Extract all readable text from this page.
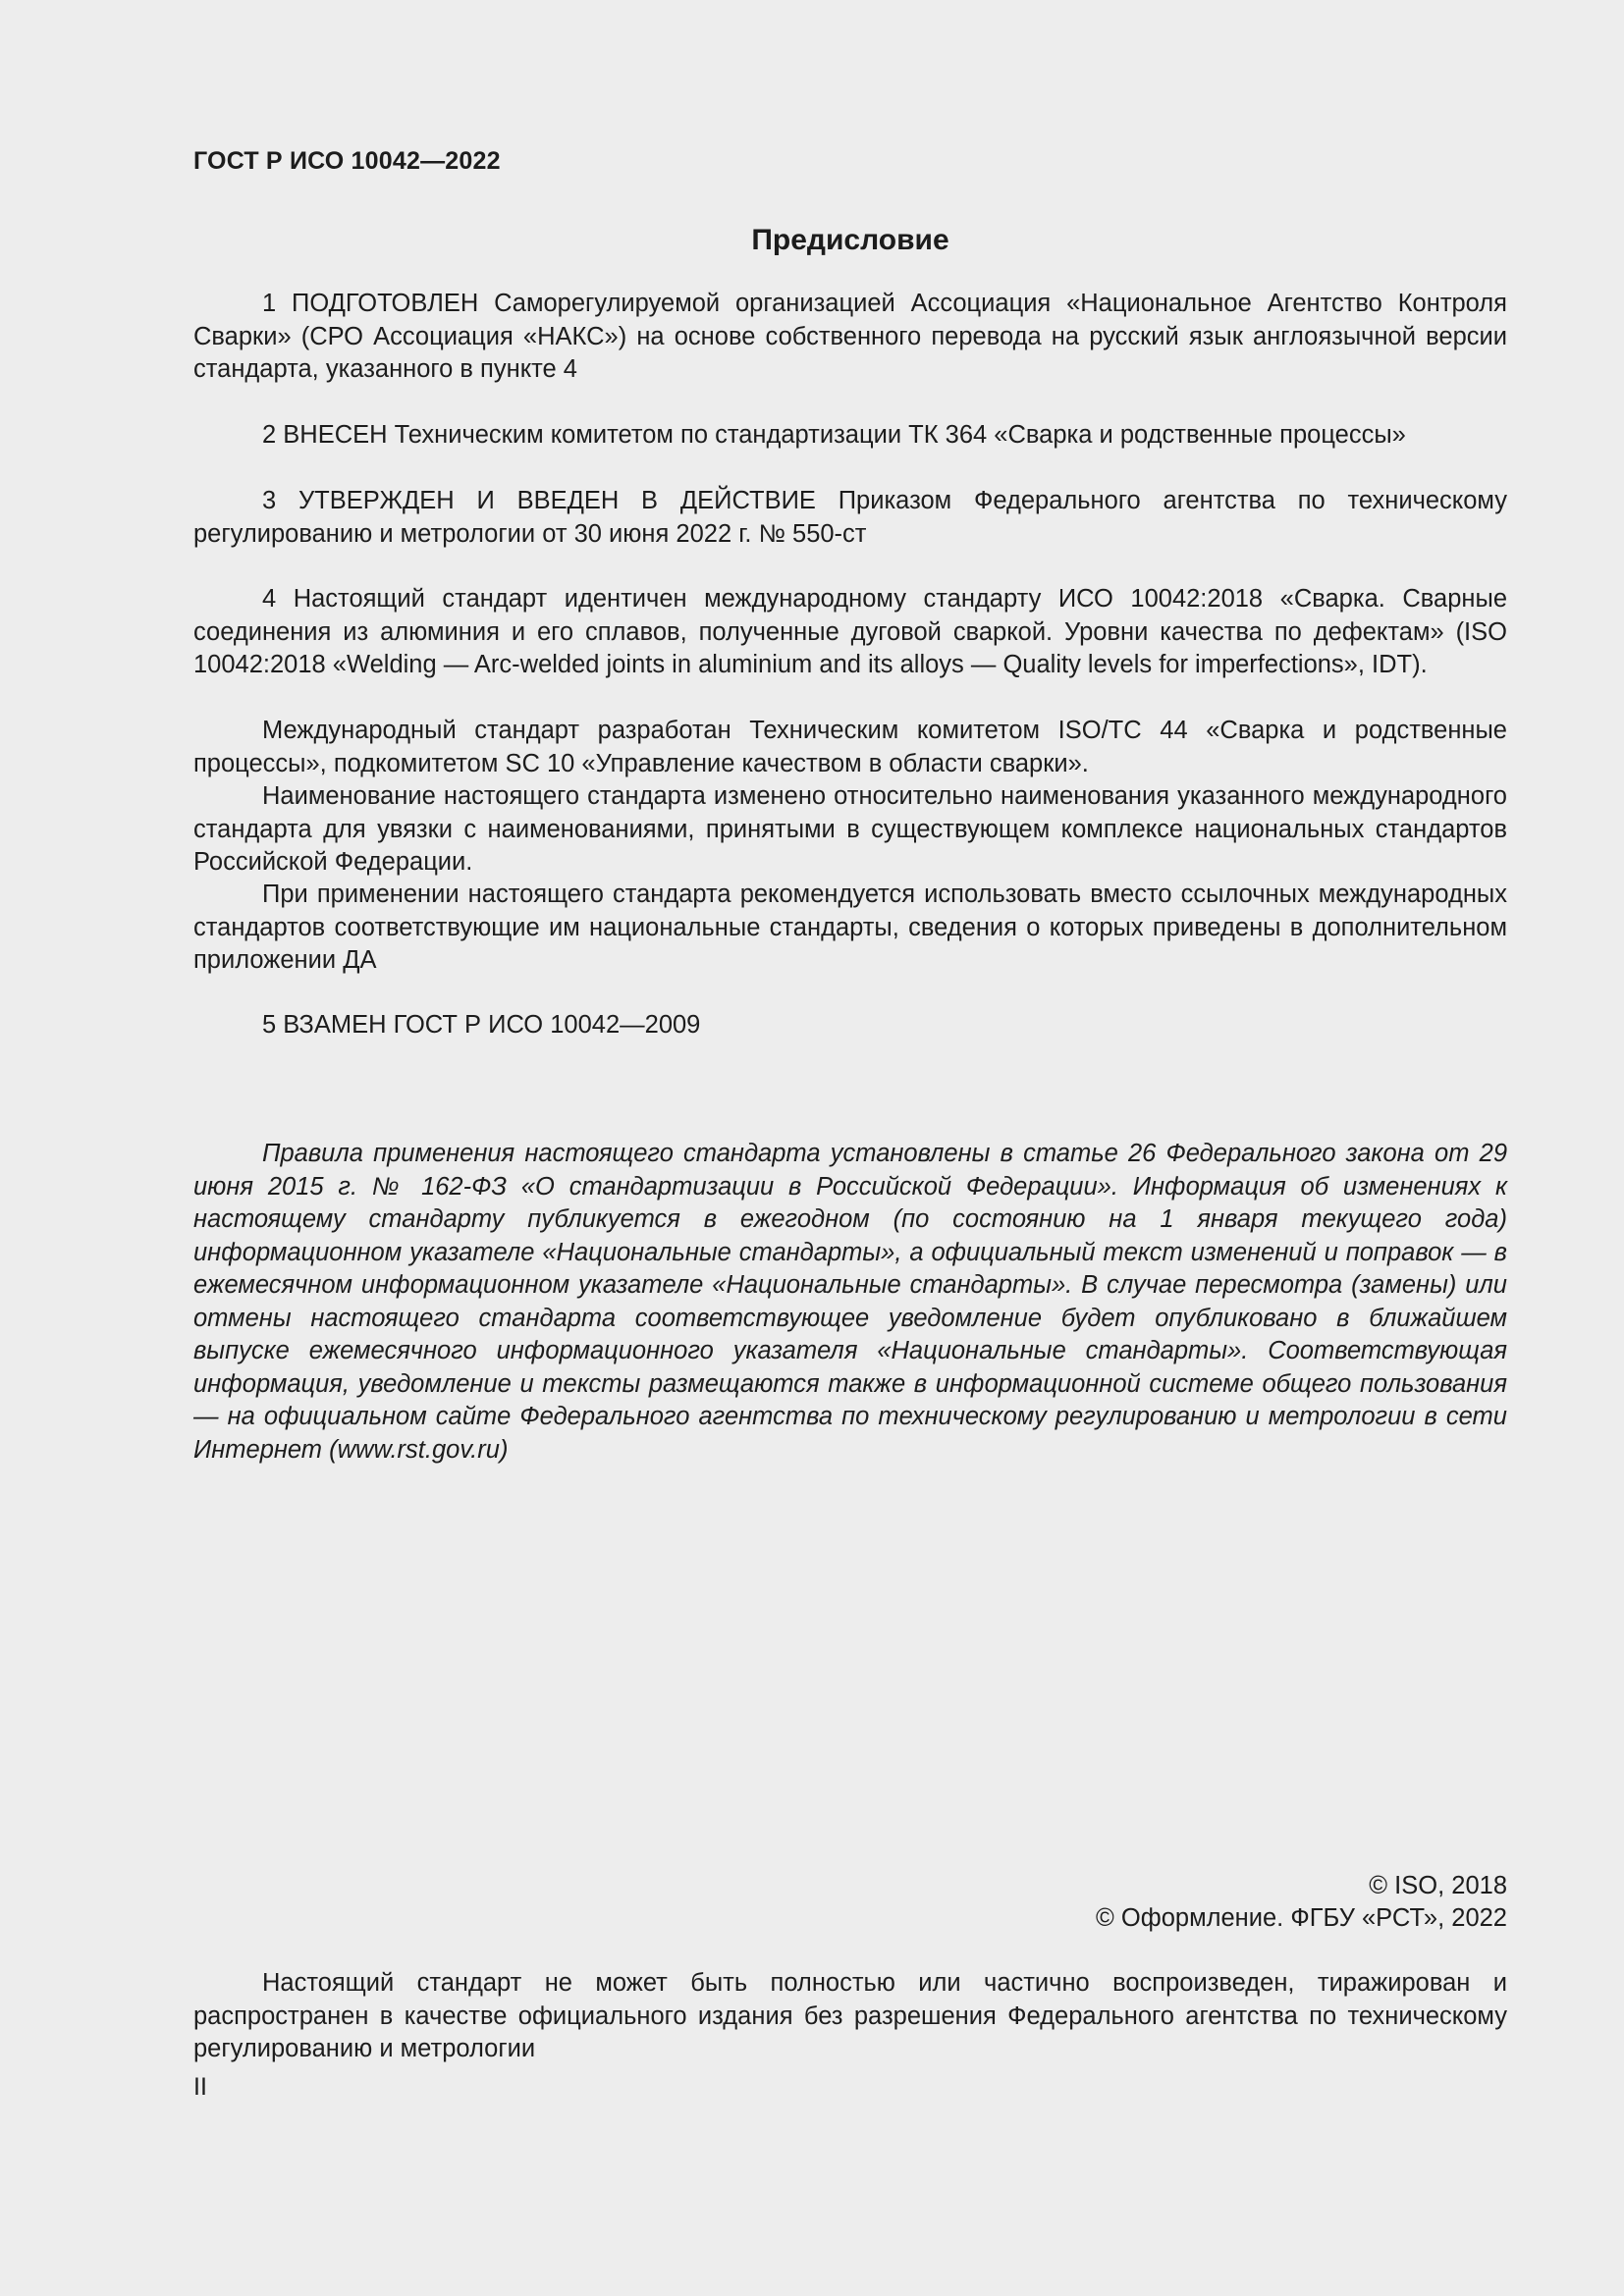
ГОСТ Р ИСО 10042—2022
Предисловие

1 ПОДГОТОВЛЕН Саморегулируемой организацией Ассоциация «Национальное Агентство Контроля Сварки» (СРО Ассоциация «НАКС») на основе собственного перевода на русский язык англоязычной версии стандарта, указанного в пункте 4

2 ВНЕСЕН Техническим комитетом по стандартизации ТК 364 «Сварка и родственные процессы»

3 УТВЕРЖДЕН И ВВЕДЕН В ДЕЙСТВИЕ Приказом Федерального агентства по техническому регулированию и метрологии от 30 июня 2022 г. № 550-ст

4 Настоящий стандарт идентичен международному стандарту ИСО 10042:2018 «Сварка. Сварные соединения из алюминия и его сплавов, полученные дуговой сваркой. Уровни качества по дефектам» (ISO 10042:2018 «Welding — Arc-welded joints in aluminium and its alloys — Quality levels for imperfections», IDT).

Международный стандарт разработан Техническим комитетом ISO/TC 44 «Сварка и родственные процессы», подкомитетом SC 10 «Управление качеством в области сварки».

Наименование настоящего стандарта изменено относительно наименования указанного международного стандарта для увязки с наименованиями, принятыми в существующем комплексе национальных стандартов Российской Федерации.

При применении настоящего стандарта рекомендуется использовать вместо ссылочных международных стандартов соответствующие им национальные стандарты, сведения о которых приведены в дополнительном приложении ДА

5 ВЗАМЕН ГОСТ Р ИСО 10042—2009

Правила применения настоящего стандарта установлены в статье 26 Федерального закона от 29 июня 2015 г. № 162-ФЗ «О стандартизации в Российской Федерации». Информация об изменениях к настоящему стандарту публикуется в ежегодном (по состоянию на 1 января текущего года) информационном указателе «Национальные стандарты», а официальный текст изменений и поправок — в ежемесячном информационном указателе «Национальные стандарты». В случае пересмотра (замены) или отмены настоящего стандарта соответствующее уведомление будет опубликовано в ближайшем выпуске ежемесячного информационного указателя «Национальные стандарты». Соответствующая информация, уведомление и тексты размещаются также в информационной системе общего пользования — на официальном сайте Федерального агентства по техническому регулированию и метрологии в сети Интернет (www.rst.gov.ru)

© ISO, 2018
© Оформление. ФГБУ «РСТ», 2022

Настоящий стандарт не может быть полностью или частично воспроизведен, тиражирован и распространен в качестве официального издания без разрешения Федерального агентства по техническому регулированию и метрологии

II
